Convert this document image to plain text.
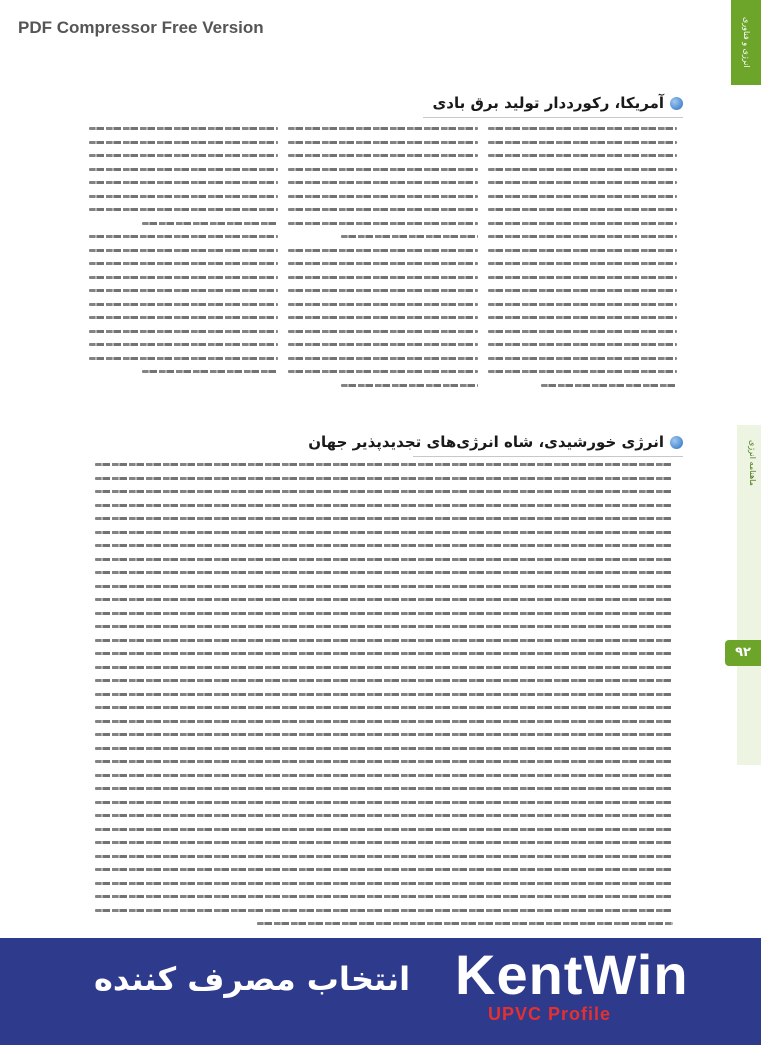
PDF Compressor Free Version	انرژی و فناوری
ماهنامه انرژی
۹۲
آمریکا، رکورددار تولید برق بادی
انرژی خورشیدی، شاه انرژی‌های تجدیدپذیر جهان
انتخاب مصرف کننده KentWin
UPVC Profile
